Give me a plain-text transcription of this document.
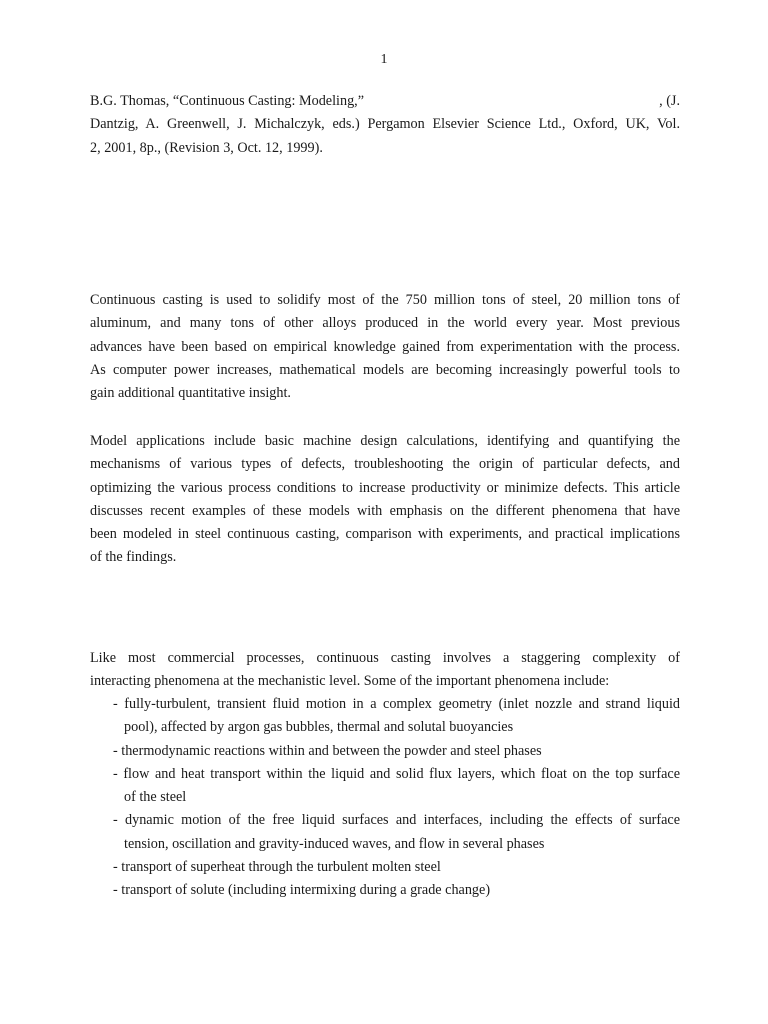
1
B.G. Thomas, “Continuous Casting: Modeling,”	, (J.
Dantzig, A. Greenwell, J. Michalczyk, eds.) Pergamon Elsevier Science Ltd., Oxford, UK, Vol.
2, 2001, 8p., (Revision 3, Oct. 12, 1999).

Continuous casting is used to solidify most of the 750 million tons of steel, 20 million tons of
aluminum, and many tons of other alloys produced in the world every year. Most previous
advances have been based on empirical knowledge gained from experimentation with the process.
As computer power increases, mathematical models are becoming increasingly powerful tools to
gain additional quantitative insight.

Model applications include basic machine design calculations, identifying and quantifying the
mechanisms of various types of defects, troubleshooting the origin of particular defects, and
optimizing the various process conditions to increase productivity or minimize defects. This article
discusses recent examples of these models with emphasis on the different phenomena that have
been modeled in steel continuous casting, comparison with experiments, and practical implications
of the findings.

Like most commercial processes, continuous casting involves a staggering complexity of
interacting phenomena at the mechanistic level. Some of the important phenomena include:

- fully-turbulent, transient fluid motion in a complex geometry (inlet nozzle and strand liquid
pool), affected by argon gas bubbles, thermal and solutal buoyancies
- thermodynamic reactions within and between the powder and steel phases
- flow and heat transport within the liquid and solid flux layers, which float on the top surface
of the steel
- dynamic motion of the free liquid surfaces and interfaces, including the effects of surface
tension, oscillation and gravity-induced waves, and flow in several phases
- transport of superheat through the turbulent molten steel
- transport of solute (including intermixing during a grade change)
